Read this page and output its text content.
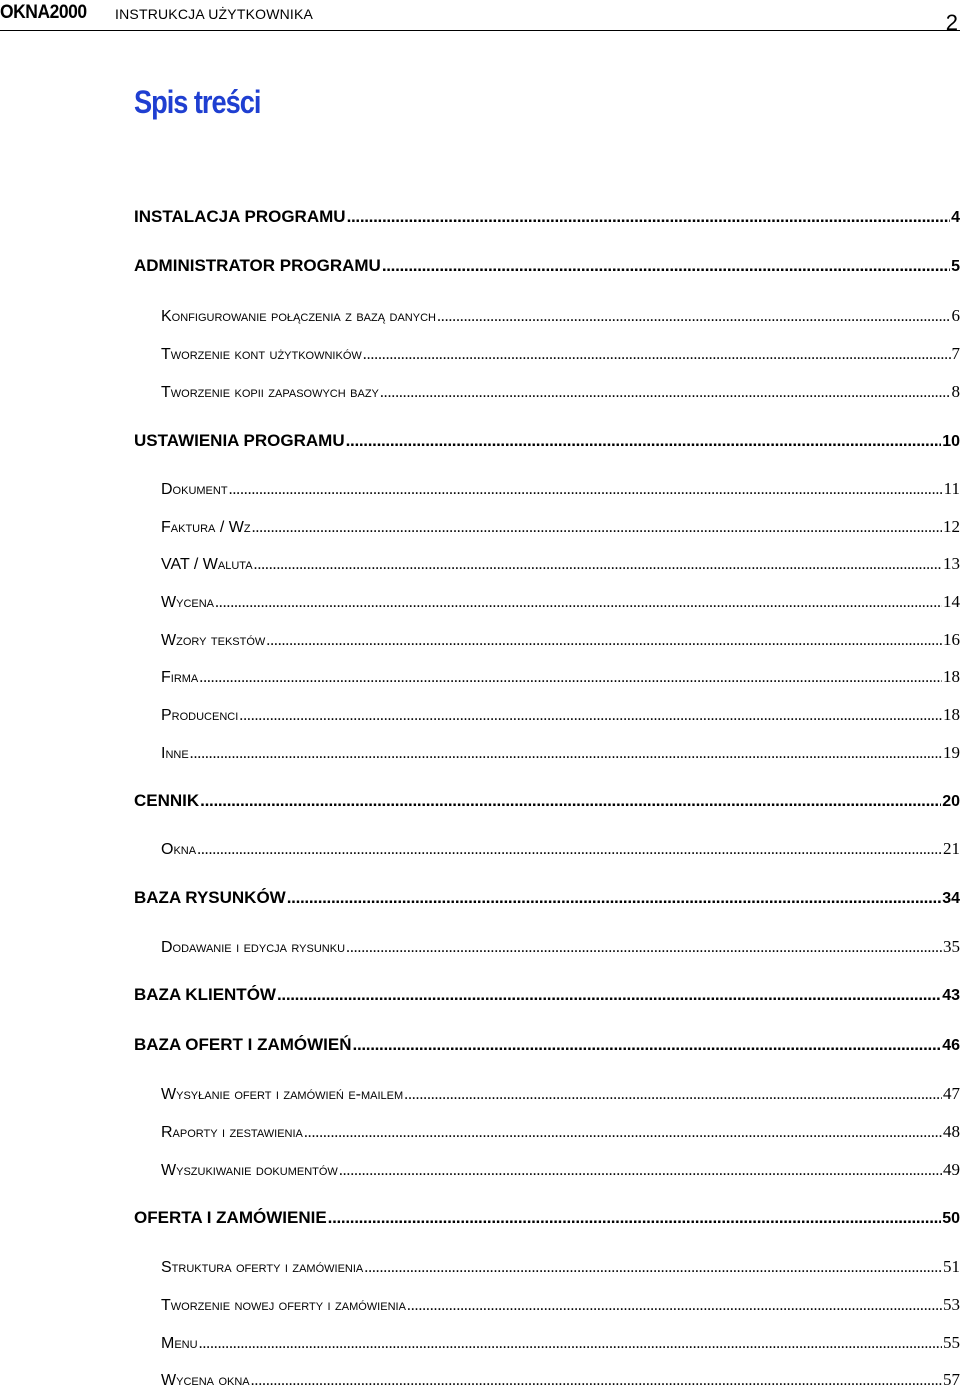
OKNA2000 INSTRUKCJA UŻYTKOWNIKA	2
Spis treści
INSTALACJA PROGRAMU .....	4
ADMINISTRATOR PROGRAMU .....	5
Konfigurowanie połączenia z bazą danych .....	6
Tworzenie kont użytkowników .....	7
Tworzenie kopii zapasowych bazy .....	8
USTAWIENIA PROGRAMU .....	10
Dokument .....	11
Faktura / Wz .....	12
VAT / Waluta .....	13
Wycena .....	14
Wzory tekstów .....	16
Firma .....	18
Producenci .....	18
Inne .....	19
CENNIK .....	20
Okna .....	21
BAZA RYSUNKÓW .....	34
Dodawanie i edycja rysunku .....	35
BAZA KLIENTÓW .....	43
BAZA OFERT I ZAMÓWIEŃ .....	46
Wysyłanie ofert i zamówień e-mailem .....	47
Raporty i zestawienia .....	48
Wyszukiwanie dokumentów .....	49
OFERTA I ZAMÓWIENIE .....	50
Struktura oferty i zamówienia .....	51
Tworzenie nowej oferty i zamówienia .....	53
Menu .....	55
Wycena okna .....	57
